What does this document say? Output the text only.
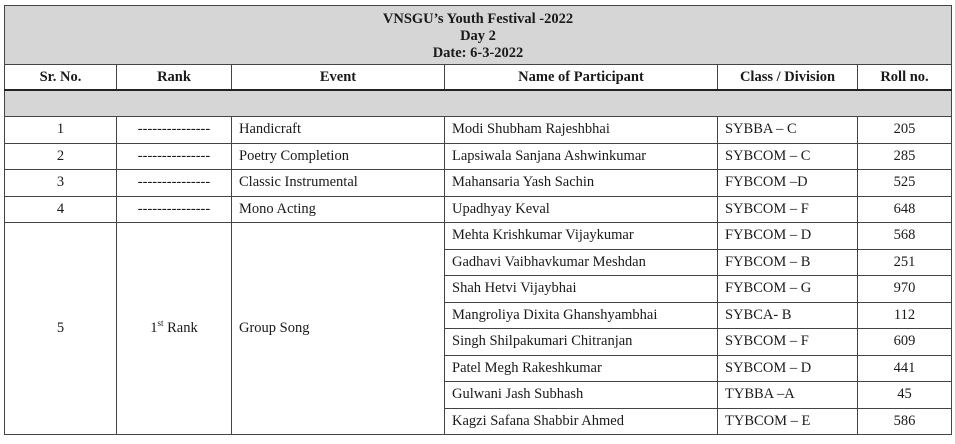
VNSGU’s Youth Festival -2022
Day 2
Date: 6-3-2022					

Sr. No.	Rank	Event	Name of Participant	Class / Division	Roll no.

1	---------------	Handicraft	Modi Shubham Rajeshbhai	SYBBA – C	205
2	---------------	Poetry Completion	Lapsiwala Sanjana Ashwinkumar	SYBCOM – C	285
3	---------------	Classic Instrumental	Mahansaria Yash Sachin	FYBCOM –D	525
4	---------------	Mono Acting	Upadhyay Keval	SYBCOM – F	648
5	1st Rank	Group Song	Mehta Krishkumar Vijaykumar	FYBCOM – D	568
			Gadhavi Vaibhavkumar Meshdan	FYBCOM – B	251
			Shah Hetvi Vijaybhai	FYBCOM – G	970
			Mangroliya Dixita Ghanshyambhai	SYBCA- B	112
			Singh Shilpakumari Chitranjan	SYBCOM – F	609
			Patel Megh Rakeshkumar	SYBCOM – D	441
			Gulwani Jash Subhash	TYBBA –A	45
			Kagzi Safana Shabbir Ahmed	TYBCOM – E	586
